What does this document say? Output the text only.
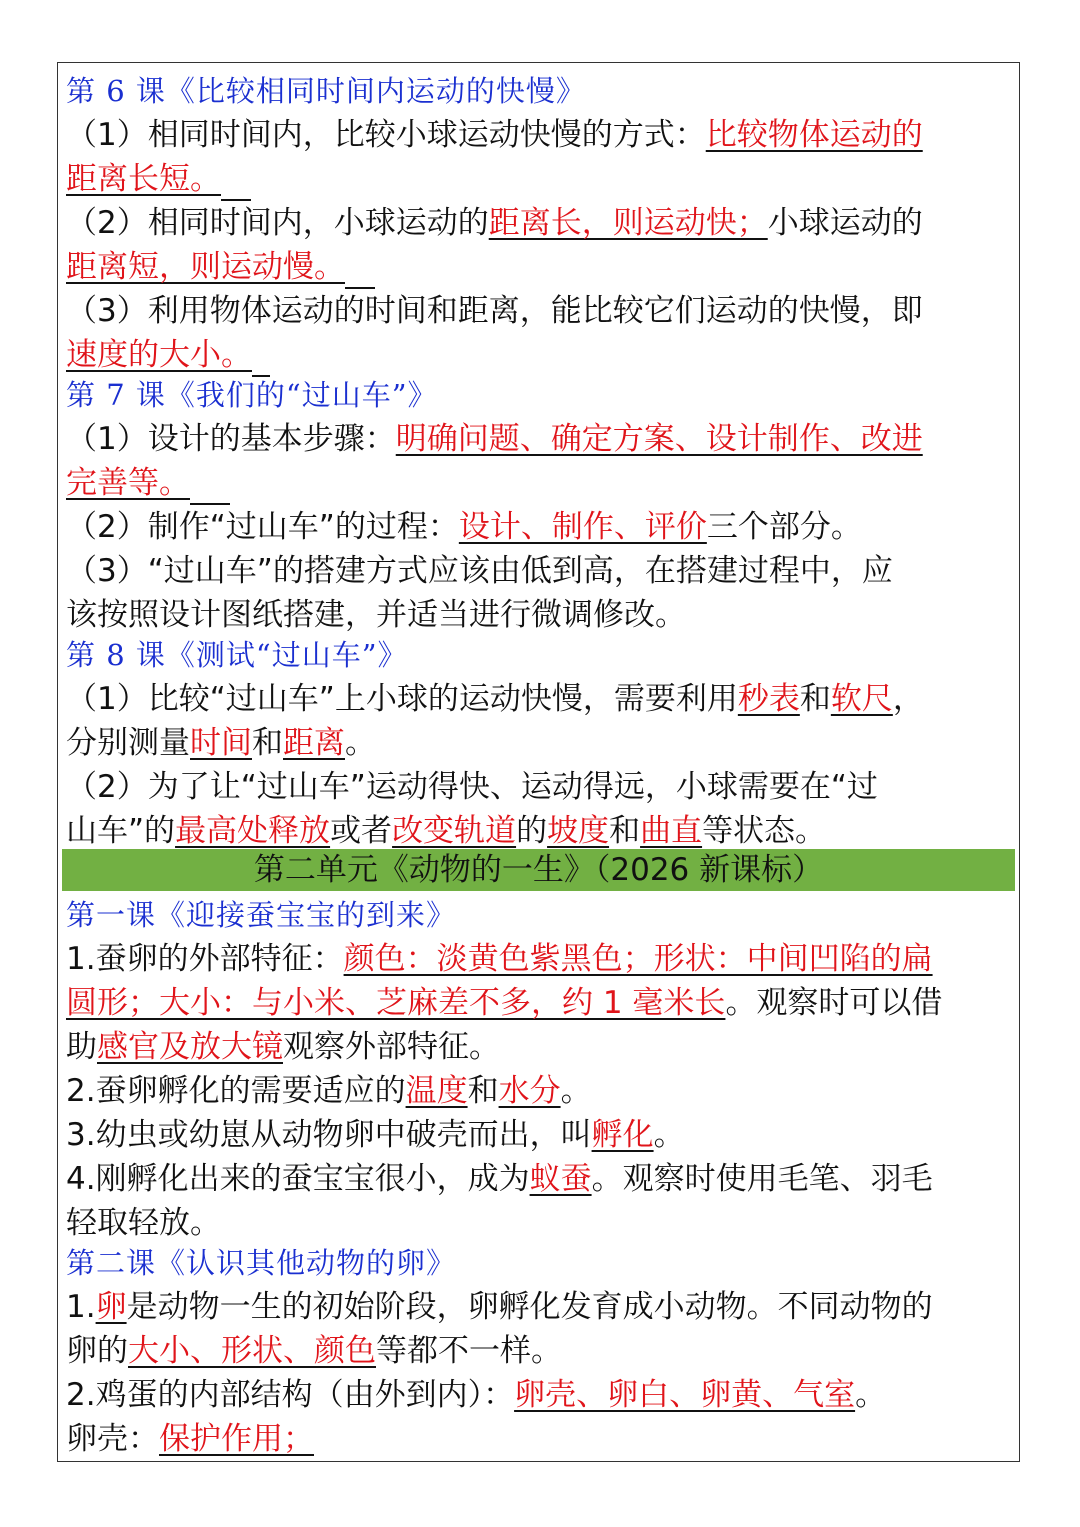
第 6 课《比较相同时间内运动的快慢》
（1）相同时间内，比较小球运动快慢的方式：比较物体运动的
距离长短。
（2）相同时间内，小球运动的距离长，则运动快；小球运动的
距离短，则运动慢。
（3）利用物体运动的时间和距离，能比较它们运动的快慢，即
速度的大小。
第 7 课《我们的“过山车”》
（1）设计的基本步骤：明确问题、确定方案、设计制作、改进
完善等。
（2）制作“过山车”的过程：设计、制作、评价三个部分。
（3）“过山车”的搭建方式应该由低到高，在搭建过程中，应
该按照设计图纸搭建，并适当进行微调修改。
第 8 课《测试“过山车”》
（1）比较“过山车”上小球的运动快慢，需要利用秒表和软尺，
分别测量时间和距离。
（2）为了让“过山车”运动得快、运动得远，小球需要在“过
山车”的最高处释放或者改变轨道的坡度和曲直等状态。
第二单元《动物的一生》（2026 新课标）
第一课《迎接蚕宝宝的到来》
1.蚕卵的外部特征：颜色：淡黄色紫黑色；形状：中间凹陷的扁
圆形；大小：与小米、芝麻差不多，约 1 毫米长。观察时可以借
助感官及放大镜观察外部特征。
2.蚕卵孵化的需要适应的温度和水分。
3.幼虫或幼崽从动物卵中破壳而出，叫孵化。
4.刚孵化出来的蚕宝宝很小，成为蚁蚕。观察时使用毛笔、羽毛
轻取轻放。
第二课《认识其他动物的卵》
1.卵是动物一生的初始阶段，卵孵化发育成小动物。不同动物的
卵的大小、形状、颜色等都不一样。
2.鸡蛋的内部结构（由外到内）：卵壳、卵白、卵黄、气室。
卵壳：保护作用；
